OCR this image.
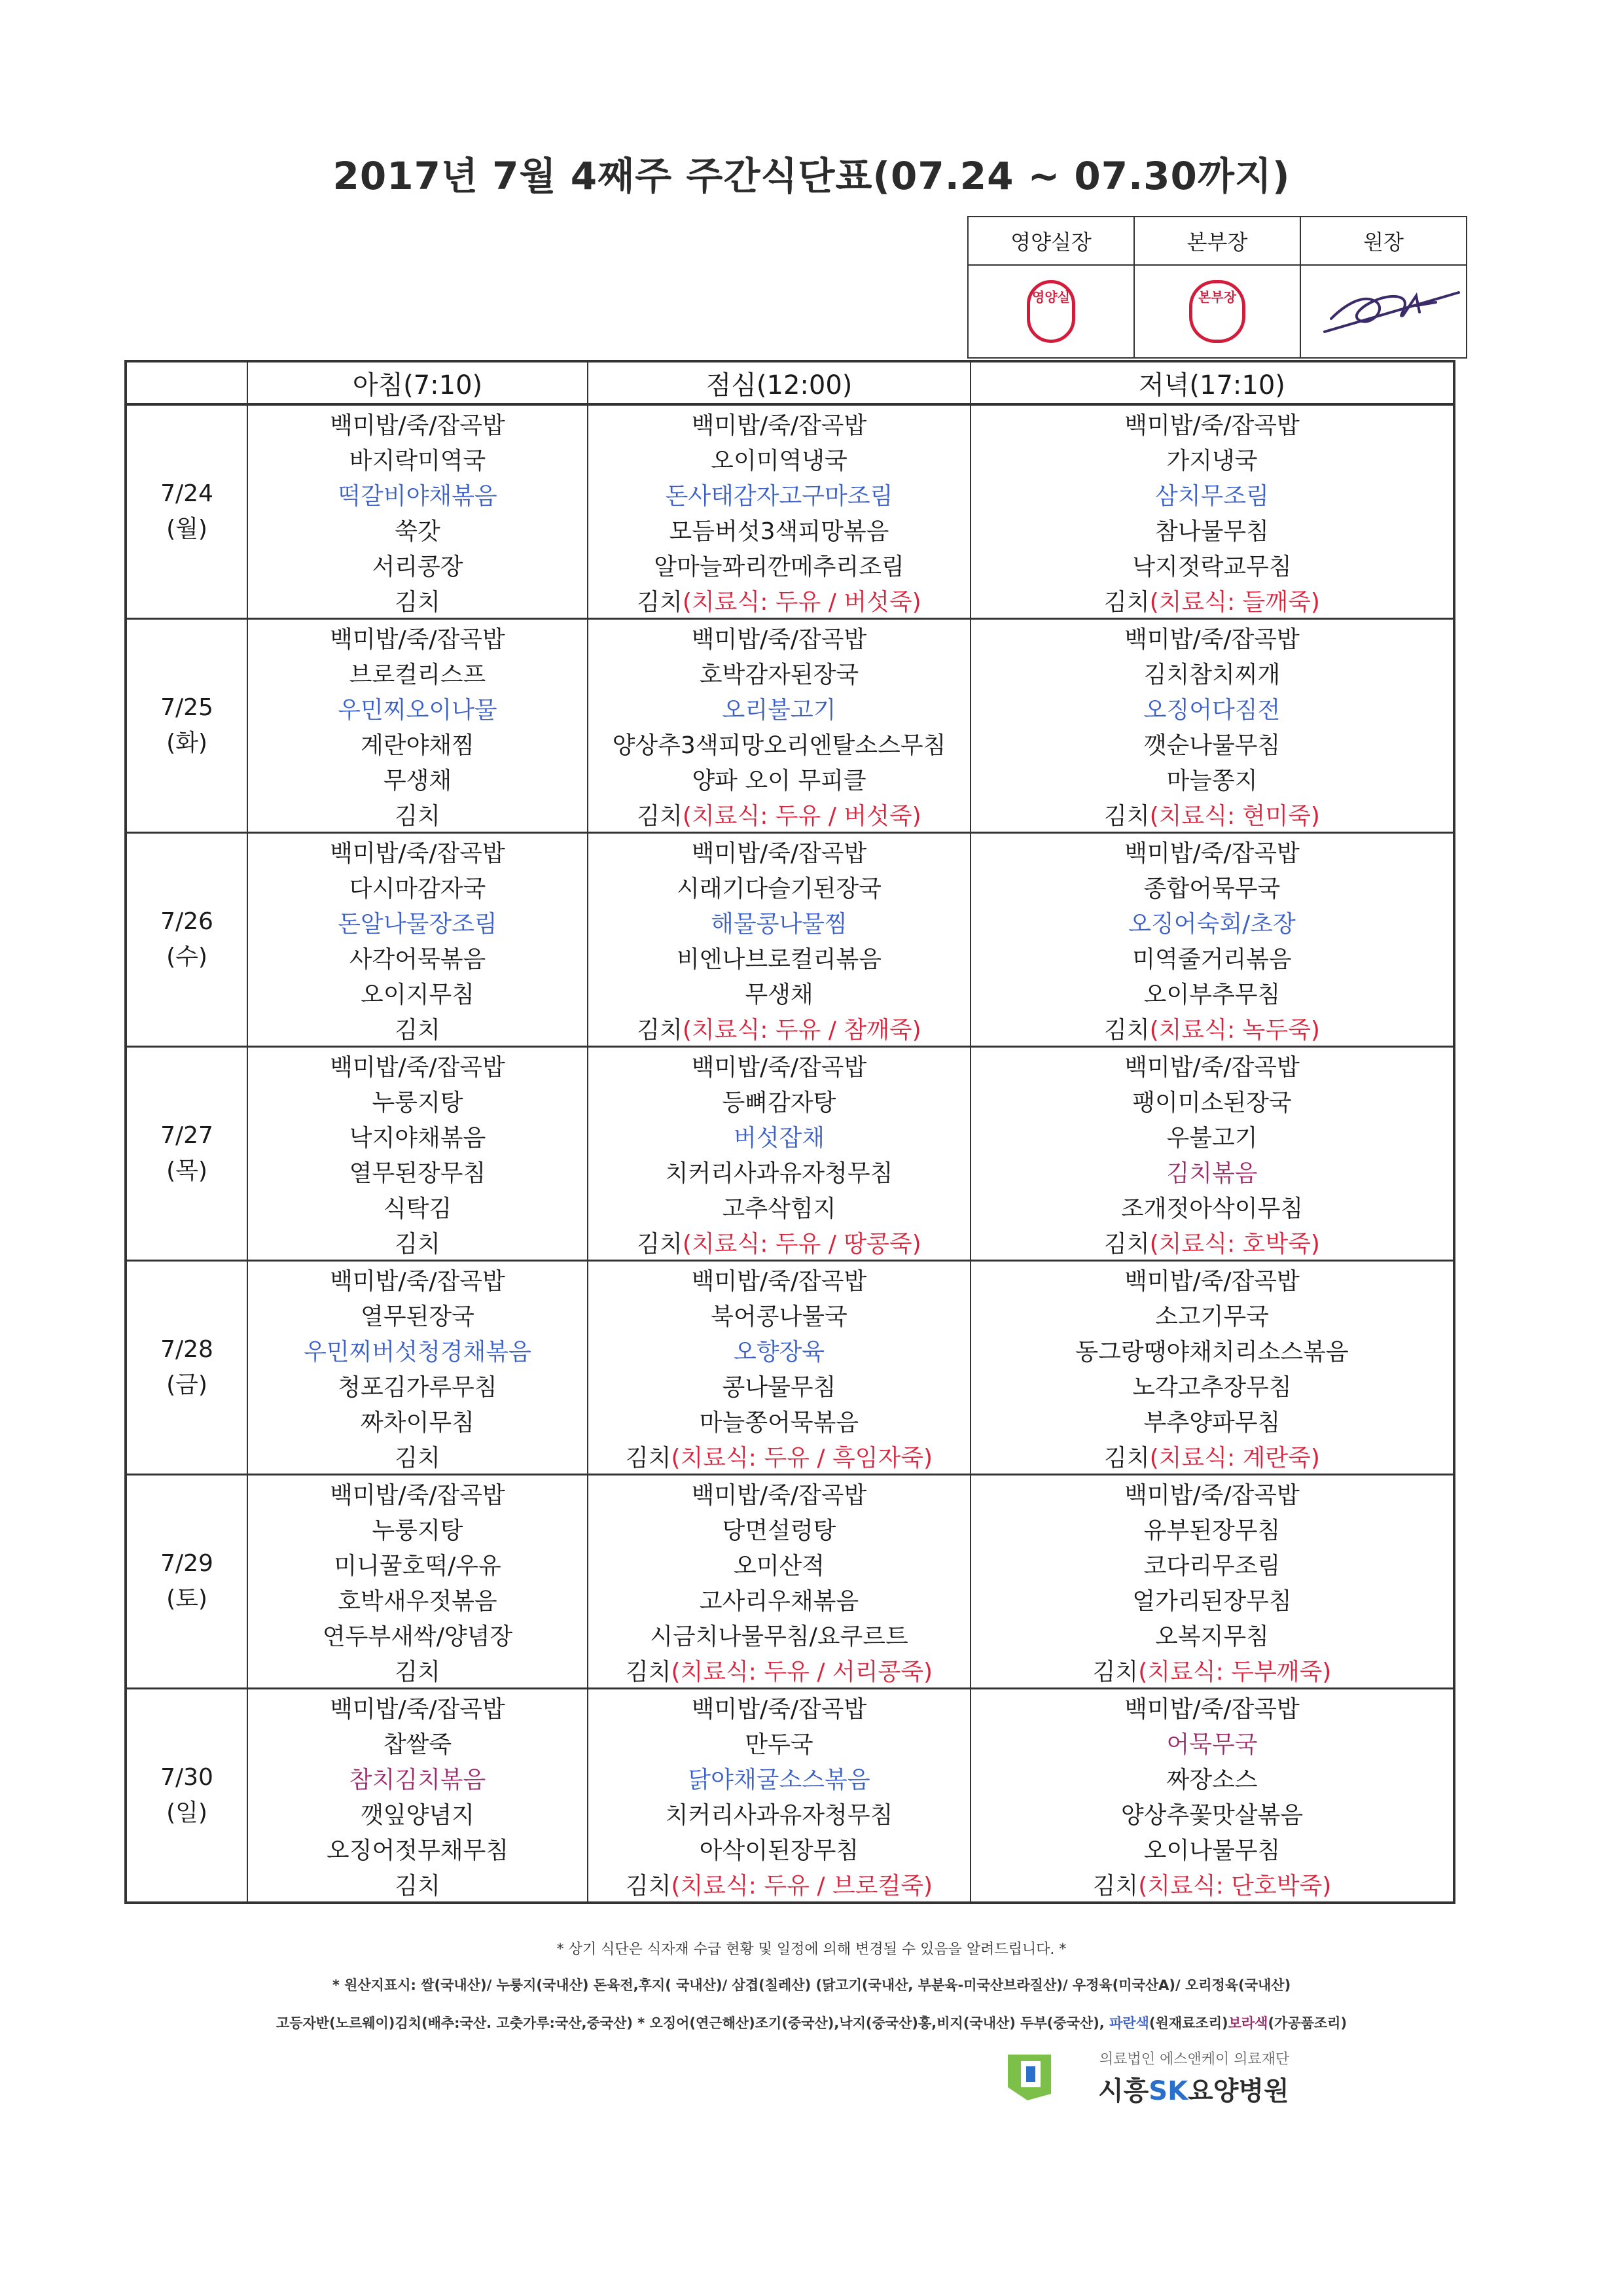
2017년 7월 4째주 주간식단표(07.24 ~ 07.30까지)
영양실장	본부장	원장
영양실	본부장	
	아침(7:10)	점심(12:00)	저녁(17:10)

7/24
(월)	백미밥/죽/잡곡밥	백미밥/죽/잡곡밥	백미밥/죽/잡곡밥
	바지락미역국	오이미역냉국	가지냉국
	떡갈비야채볶음	돈사태감자고구마조림	삼치무조림
	쑥갓	모듬버섯3색피망볶음	참나물무침
	서리콩장	알마늘꽈리깐메추리조림	낙지젓락교무침
	김치	김치(치료식: 두유 / 버섯죽)	김치(치료식: 들깨죽)

7/25
(화)	백미밥/죽/잡곡밥	백미밥/죽/잡곡밥	백미밥/죽/잡곡밥
	브로컬리스프	호박감자된장국	김치참치찌개
	우민찌오이나물	오리불고기	오징어다짐전
	계란야채찜	양상추3색피망오리엔탈소스무침	깻순나물무침
	무생채	양파 오이 무피클	마늘쫑지
	김치	김치(치료식: 두유 / 버섯죽)	김치(치료식: 현미죽)

7/26
(수)	백미밥/죽/잡곡밥	백미밥/죽/잡곡밥	백미밥/죽/잡곡밥
	다시마감자국	시래기다슬기된장국	종합어묵무국
	돈알나물장조림	해물콩나물찜	오징어숙회/초장
	사각어묵볶음	비엔나브로컬리볶음	미역줄거리볶음
	오이지무침	무생채	오이부추무침
	김치	김치(치료식: 두유 / 참깨죽)	김치(치료식: 녹두죽)

7/27
(목)	백미밥/죽/잡곡밥	백미밥/죽/잡곡밥	백미밥/죽/잡곡밥
	누룽지탕	등뼈감자탕	팽이미소된장국
	낙지야채볶음	버섯잡채	우불고기
	열무된장무침	치커리사과유자청무침	김치볶음
	식탁김	고추삭힘지	조개젓아삭이무침
	김치	김치(치료식: 두유 / 땅콩죽)	김치(치료식: 호박죽)

7/28
(금)	백미밥/죽/잡곡밥	백미밥/죽/잡곡밥	백미밥/죽/잡곡밥
	열무된장국	북어콩나물국	소고기무국
	우민찌버섯청경채볶음	오향장육	동그랑땡야채치리소스볶음
	청포김가루무침	콩나물무침	노각고추장무침
	짜차이무침	마늘쫑어묵볶음	부추양파무침
	김치	김치(치료식: 두유 / 흑임자죽)	김치(치료식: 계란죽)

7/29
(토)	백미밥/죽/잡곡밥	백미밥/죽/잡곡밥	백미밥/죽/잡곡밥
	누룽지탕	당면설렁탕	유부된장무침
	미니꿀호떡/우유	오미산적	코다리무조림
	호박새우젓볶음	고사리우채볶음	얼가리된장무침
	연두부새싹/양념장	시금치나물무침/요쿠르트	오복지무침
	김치	김치(치료식: 두유 / 서리콩죽)	김치(치료식: 두부깨죽)

7/30
(일)	백미밥/죽/잡곡밥	백미밥/죽/잡곡밥	백미밥/죽/잡곡밥
	찹쌀죽	만두국	어묵무국
	참치김치볶음	닭야채굴소스볶음	짜장소스
	깻잎양념지	치커리사과유자청무침	양상추꽃맛살볶음
	오징어젓무채무침	아삭이된장무침	오이나물무침
	김치	김치(치료식: 두유 / 브로컬죽)	김치(치료식: 단호박죽)
* 상기 식단은 식자재 수급 현황 및 일정에 의해 변경될 수 있음을 알려드립니다. *
* 원산지표시: 쌀(국내산)/ 누룽지(국내산) 돈육전,후지( 국내산)/ 삼겹(칠레산) (닭고기(국내산, 부분육-미국산브라질산)/ 우정육(미국산A)/ 오리정육(국내산)
고등자반(노르웨이)김치(배추:국산. 고춧가루:국산,중국산) * 오징어(연근해산)조기(중국산),낙지(중국산)홍,비지(국내산) 두부(중국산), 파란색(원재료조리)보라색(가공품조리)
의료법인 에스앤케이 의료재단
시흥SK요양병원
